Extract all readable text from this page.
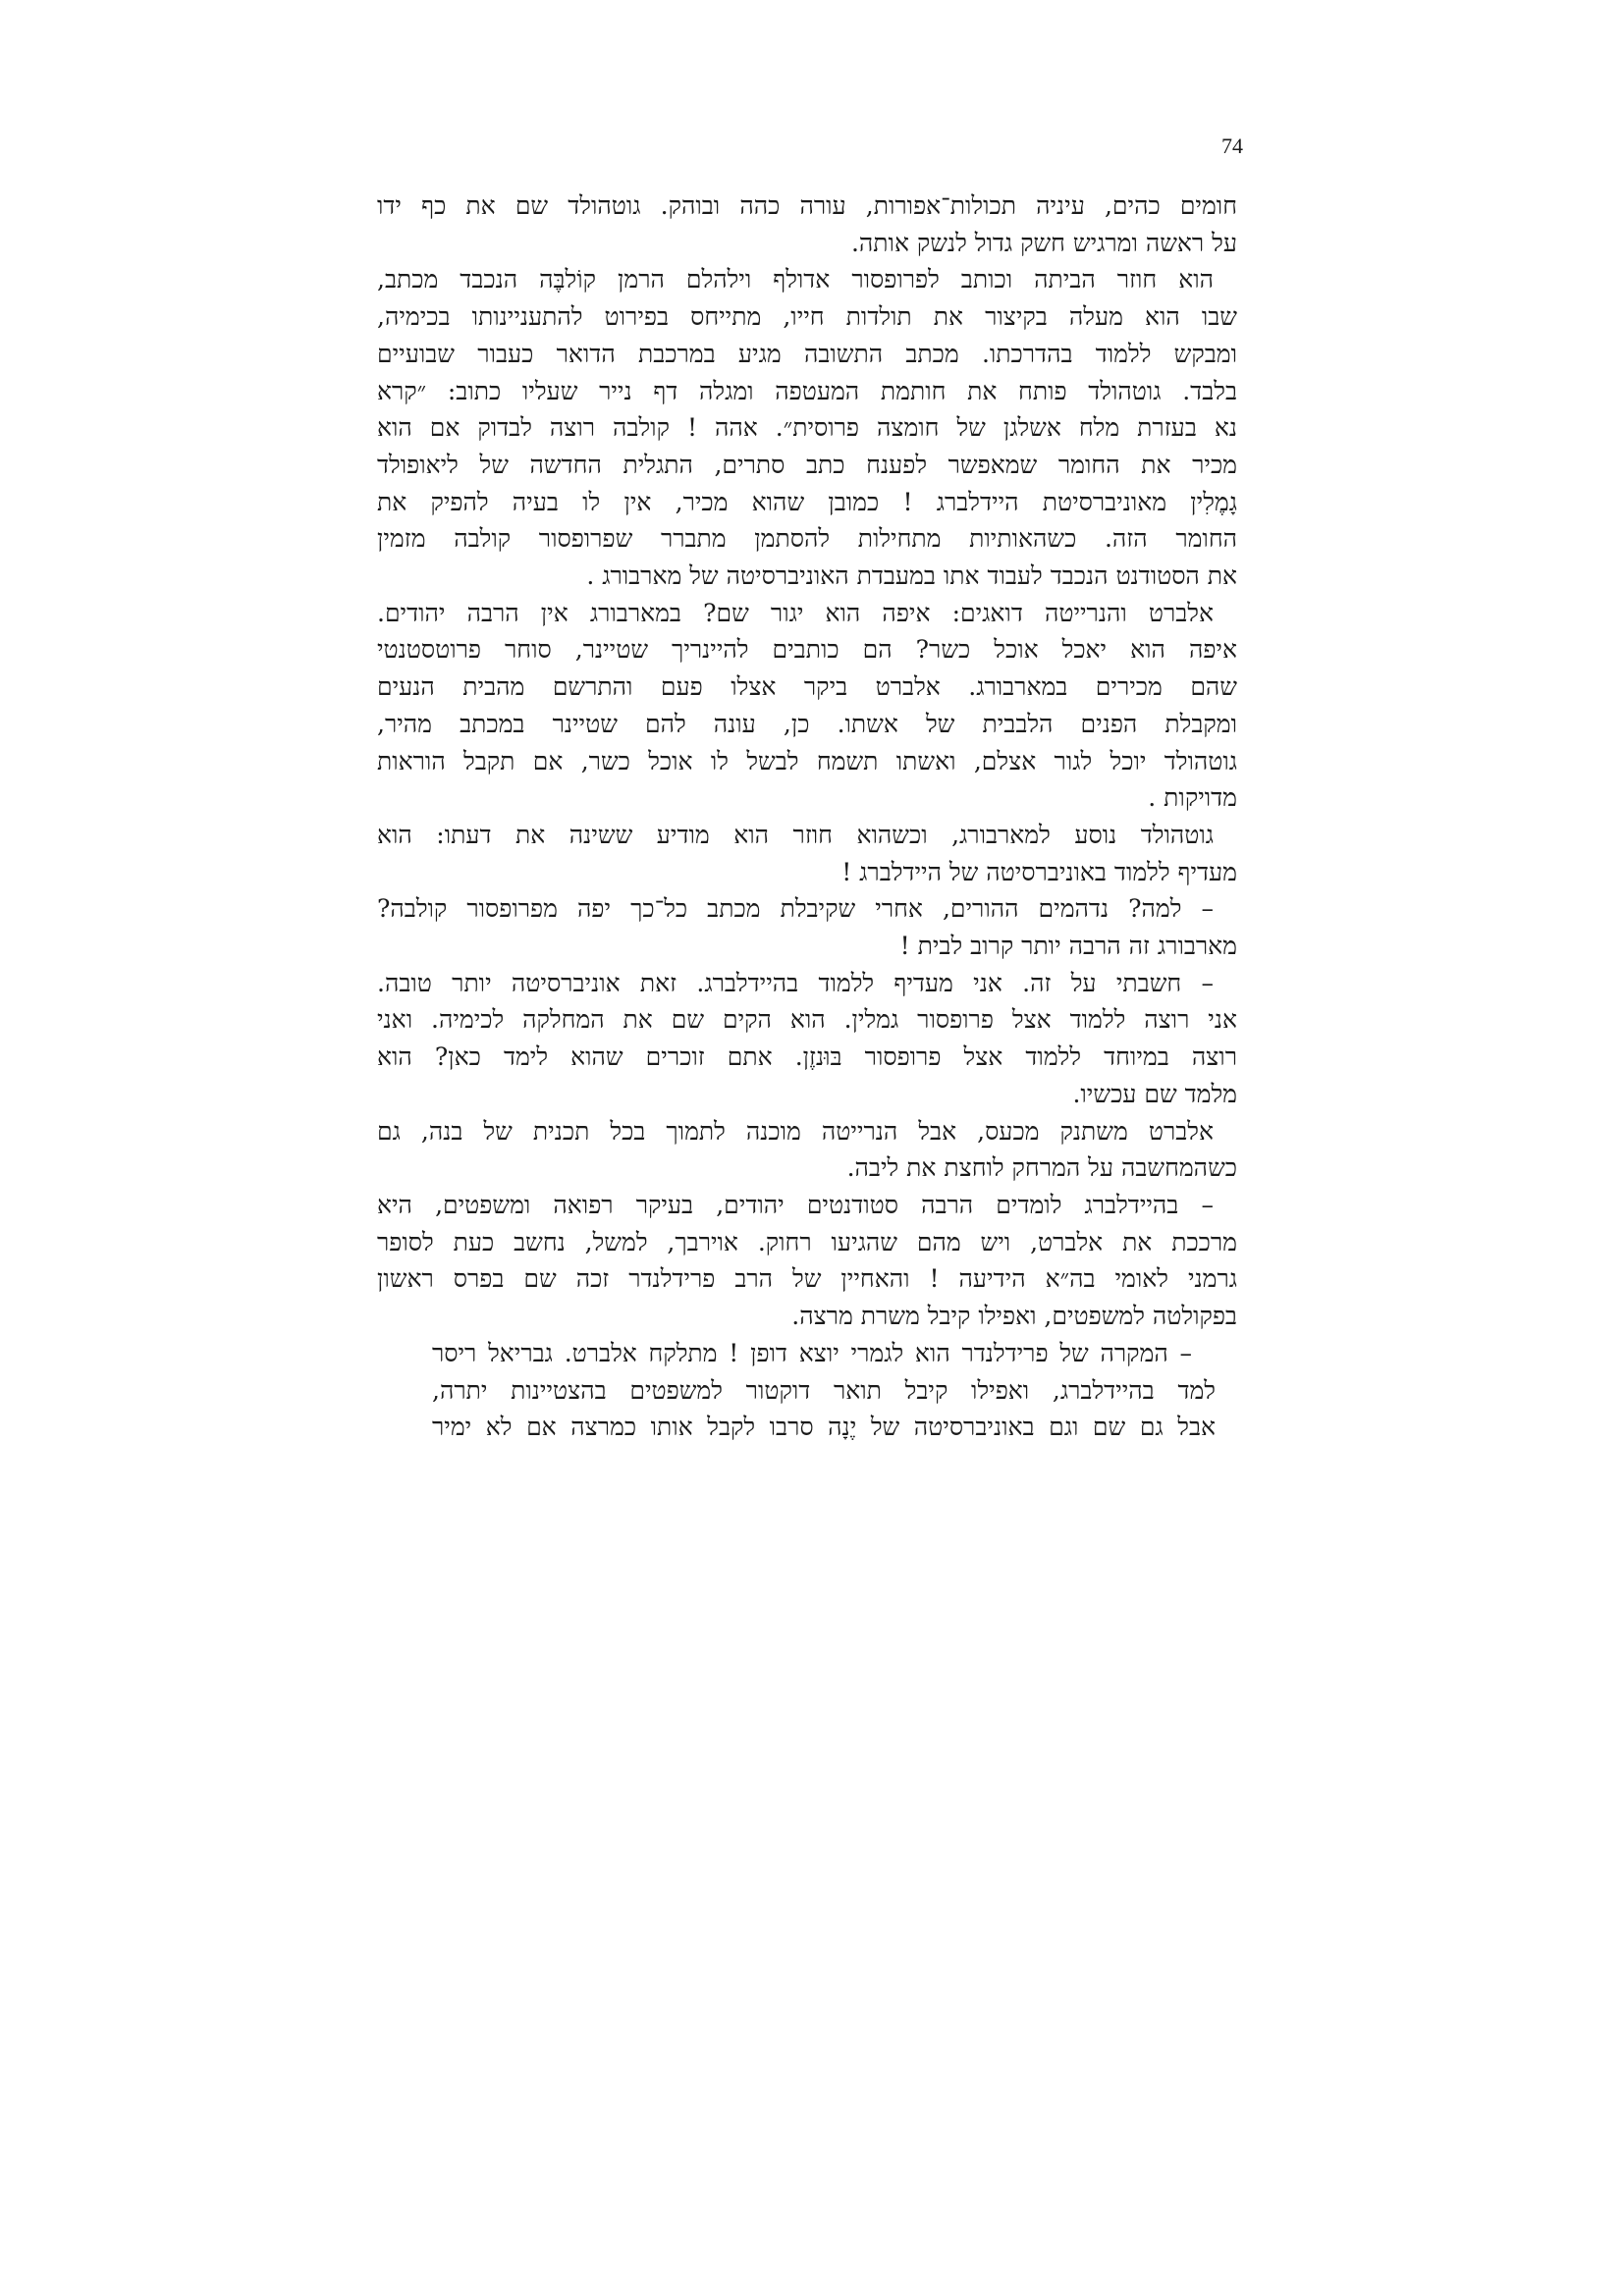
74

חומים כהים, עיניה תכולות־אפורות, עורה כהה ובוהק. גוטהולד שם את כף ידו
על ראשה ומרגיש חשק גדול לנשק אותה.

הוא חוזר הביתה וכותב לפרופסור אדולף וילהלם הרמן קוֹלבֶּה הנכבד מכתב,
שבו הוא מעלה בקיצור את תולדות חייו, מתייחס בפירוט להתעניינותו בכימיה,
ומבקש ללמוד בהדרכתו. מכתב התשובה מגיע במרכבת הדואר כעבור שבועיים
בלבד. גוטהולד פותח את חותמת המעטפה ומגלה דף נייר שעליו כתוב: ״קרא
נא בעזרת מלח אשלגן של חומצה פרוסית״. אהה ! קולבה רוצה לבדוק אם הוא
מכיר את החומר שמאפשר לפענח כתב סתרים, התגלית החדשה של ליאופולד
גָמֶלִין מאוניברסיטת היידלברג ! כמובן שהוא מכיר, אין לו בעיה להפיק את
החומר הזה. כשהאותיות מתחילות להסתמן מתברר שפרופסור קולבה מזמין
את הסטודנט הנכבד לעבוד אתו במעבדת האוניברסיטה של מארבורג .

אלברט והנרייטה דואגים: איפה הוא יגור שם? במארבורג אין הרבה יהודים.
איפה הוא יאכל אוכל כשר? הם כותבים להיינריך שטיינר, סוחר פרוטסטנטי
שהם מכירים במארבורג. אלברט ביקר אצלו פעם והתרשם מהבית הנעים
ומקבלת הפנים הלבבית של אשתו. כן, עונה להם שטיינר במכתב מהיר,
גוטהולד יוכל לגור אצלם, ואשתו תשמח לבשל לו אוכל כשר, אם תקבל הוראות
מדויקות .

גוטהולד נוסע למארבורג, וכשהוא חוזר הוא מודיע ששינה את דעתו: הוא
מעדיף ללמוד באוניברסיטה של היידלברג !

– למה? נדהמים ההורים, אחרי שקיבלת מכתב כל־כך יפה מפרופסור קולבה?
מארבורג זה הרבה יותר קרוב לבית !

– חשבתי על זה. אני מעדיף ללמוד בהיידלברג. זאת אוניברסיטה יותר טובה.
אני רוצה ללמוד אצל פרופסור גמלין. הוא הקים שם את המחלקה לכימיה. ואני
רוצה במיוחד ללמוד אצל פרופסור בּוּנזֶן. אתם זוכרים שהוא לימד כאן? הוא
מלמד שם עכשיו.

אלברט משתנק מכעס, אבל הנרייטה מוכנה לתמוך בכל תכנית של בנה, גם
כשהמחשבה על המרחק לוחצת את ליבה.

– בהיידלברג לומדים הרבה סטודנטים יהודים, בעיקר רפואה ומשפטים, היא
מרככת את אלברט, ויש מהם שהגיעו רחוק. אוירבך, למשל, נחשב כעת לסופר
גרמני לאומי בה״א הידיעה ! והאחיין של הרב פרידלנדר זכה שם בפרס ראשון
בפקולטה למשפטים, ואפילו קיבל משרת מרצה.

– המקרה של פרידלנדר הוא לגמרי יוצא דופן ! מתלקח אלברט. גבריאל ריסר
למד בהיידלברג, ואפילו קיבל תואר דוקטור למשפטים בהצטיינות יתרה,
אבל גם שם וגם באוניברסיטה של יֶנָה סרבו לקבל אותו כמרצה אם לא ימיר
